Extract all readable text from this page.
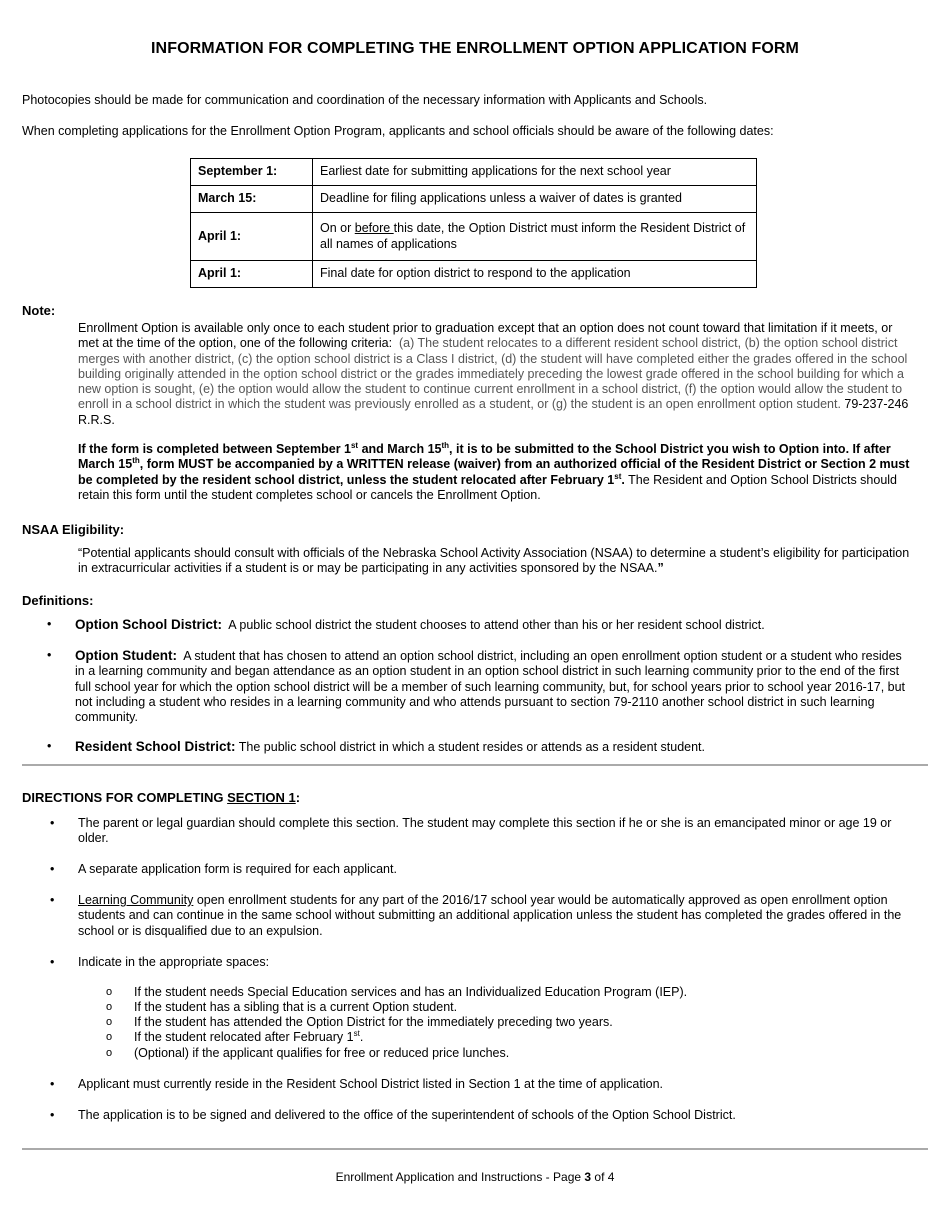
INFORMATION FOR COMPLETING THE ENROLLMENT OPTION APPLICATION FORM
Photocopies should be made for communication and coordination of the necessary information with Applicants and Schools.
When completing applications for the Enrollment Option Program, applicants and school officials should be aware of the following dates:
September 1:	Earliest date for submitting applications for the next school year
March 15:	Deadline for filing applications unless a waiver of dates is granted
April 1:	On or before this date, the Option District must inform the Resident District of all names of applications
April 1:	Final date for option district to respond to the application
Note:
Enrollment Option is available only once to each student prior to graduation except that an option does not count toward that limitation if it meets, or met at the time of the option, one of the following criteria: (a) The student relocates to a different resident school district, (b) the option school district merges with another district, (c) the option school district is a Class I district, (d) the student will have completed either the grades offered in the school building originally attended in the option school district or the grades immediately preceding the lowest grade offered in the school building for which a new option is sought, (e) the option would allow the student to continue current enrollment in a school district, (f) the option would allow the student to enroll in a school district in which the student was previously enrolled as a student, or (g) the student is an open enrollment option student. 79-237-246 R.R.S.
If the form is completed between September 1st and March 15th, it is to be submitted to the School District you wish to Option into. If after March 15th, form MUST be accompanied by a WRITTEN release (waiver) from an authorized official of the Resident District or Section 2 must be completed by the resident school district, unless the student relocated after February 1st. The Resident and Option School Districts should retain this form until the student completes school or cancels the Enrollment Option.
NSAA Eligibility:
“Potential applicants should consult with officials of the Nebraska School Activity Association (NSAA) to determine a student’s eligibility for participation in extracurricular activities if a student is or may be participating in any activities sponsored by the NSAA.”
Definitions:
• Option School District: A public school district the student chooses to attend other than his or her resident school district.
• Option Student: A student that has chosen to attend an option school district, including an open enrollment option student or a student who resides in a learning community and began attendance as an option student in an option school district in such learning community prior to the end of the first full school year for which the option school district will be a member of such learning community, but, for school years prior to school year 2016-17, but not including a student who resides in a learning community and who attends pursuant to section 79-2110 another school district in such learning community.
• Resident School District: The public school district in which a student resides or attends as a resident student.
DIRECTIONS FOR COMPLETING SECTION 1:
• The parent or legal guardian should complete this section. The student may complete this section if he or she is an emancipated minor or age 19 or older.
• A separate application form is required for each applicant.
• Learning Community open enrollment students for any part of the 2016/17 school year would be automatically approved as open enrollment option students and can continue in the same school without submitting an additional application unless the student has completed the grades offered in the school or is disqualified due to an expulsion.
• Indicate in the appropriate spaces:
o If the student needs Special Education services and has an Individualized Education Program (IEP).
o If the student has a sibling that is a current Option student.
o If the student has attended the Option District for the immediately preceding two years.
o If the student relocated after February 1st.
o (Optional) if the applicant qualifies for free or reduced price lunches.
• Applicant must currently reside in the Resident School District listed in Section 1 at the time of application.
• The application is to be signed and delivered to the office of the superintendent of schools of the Option School District.
Enrollment Application and Instructions - Page 3 of 4
